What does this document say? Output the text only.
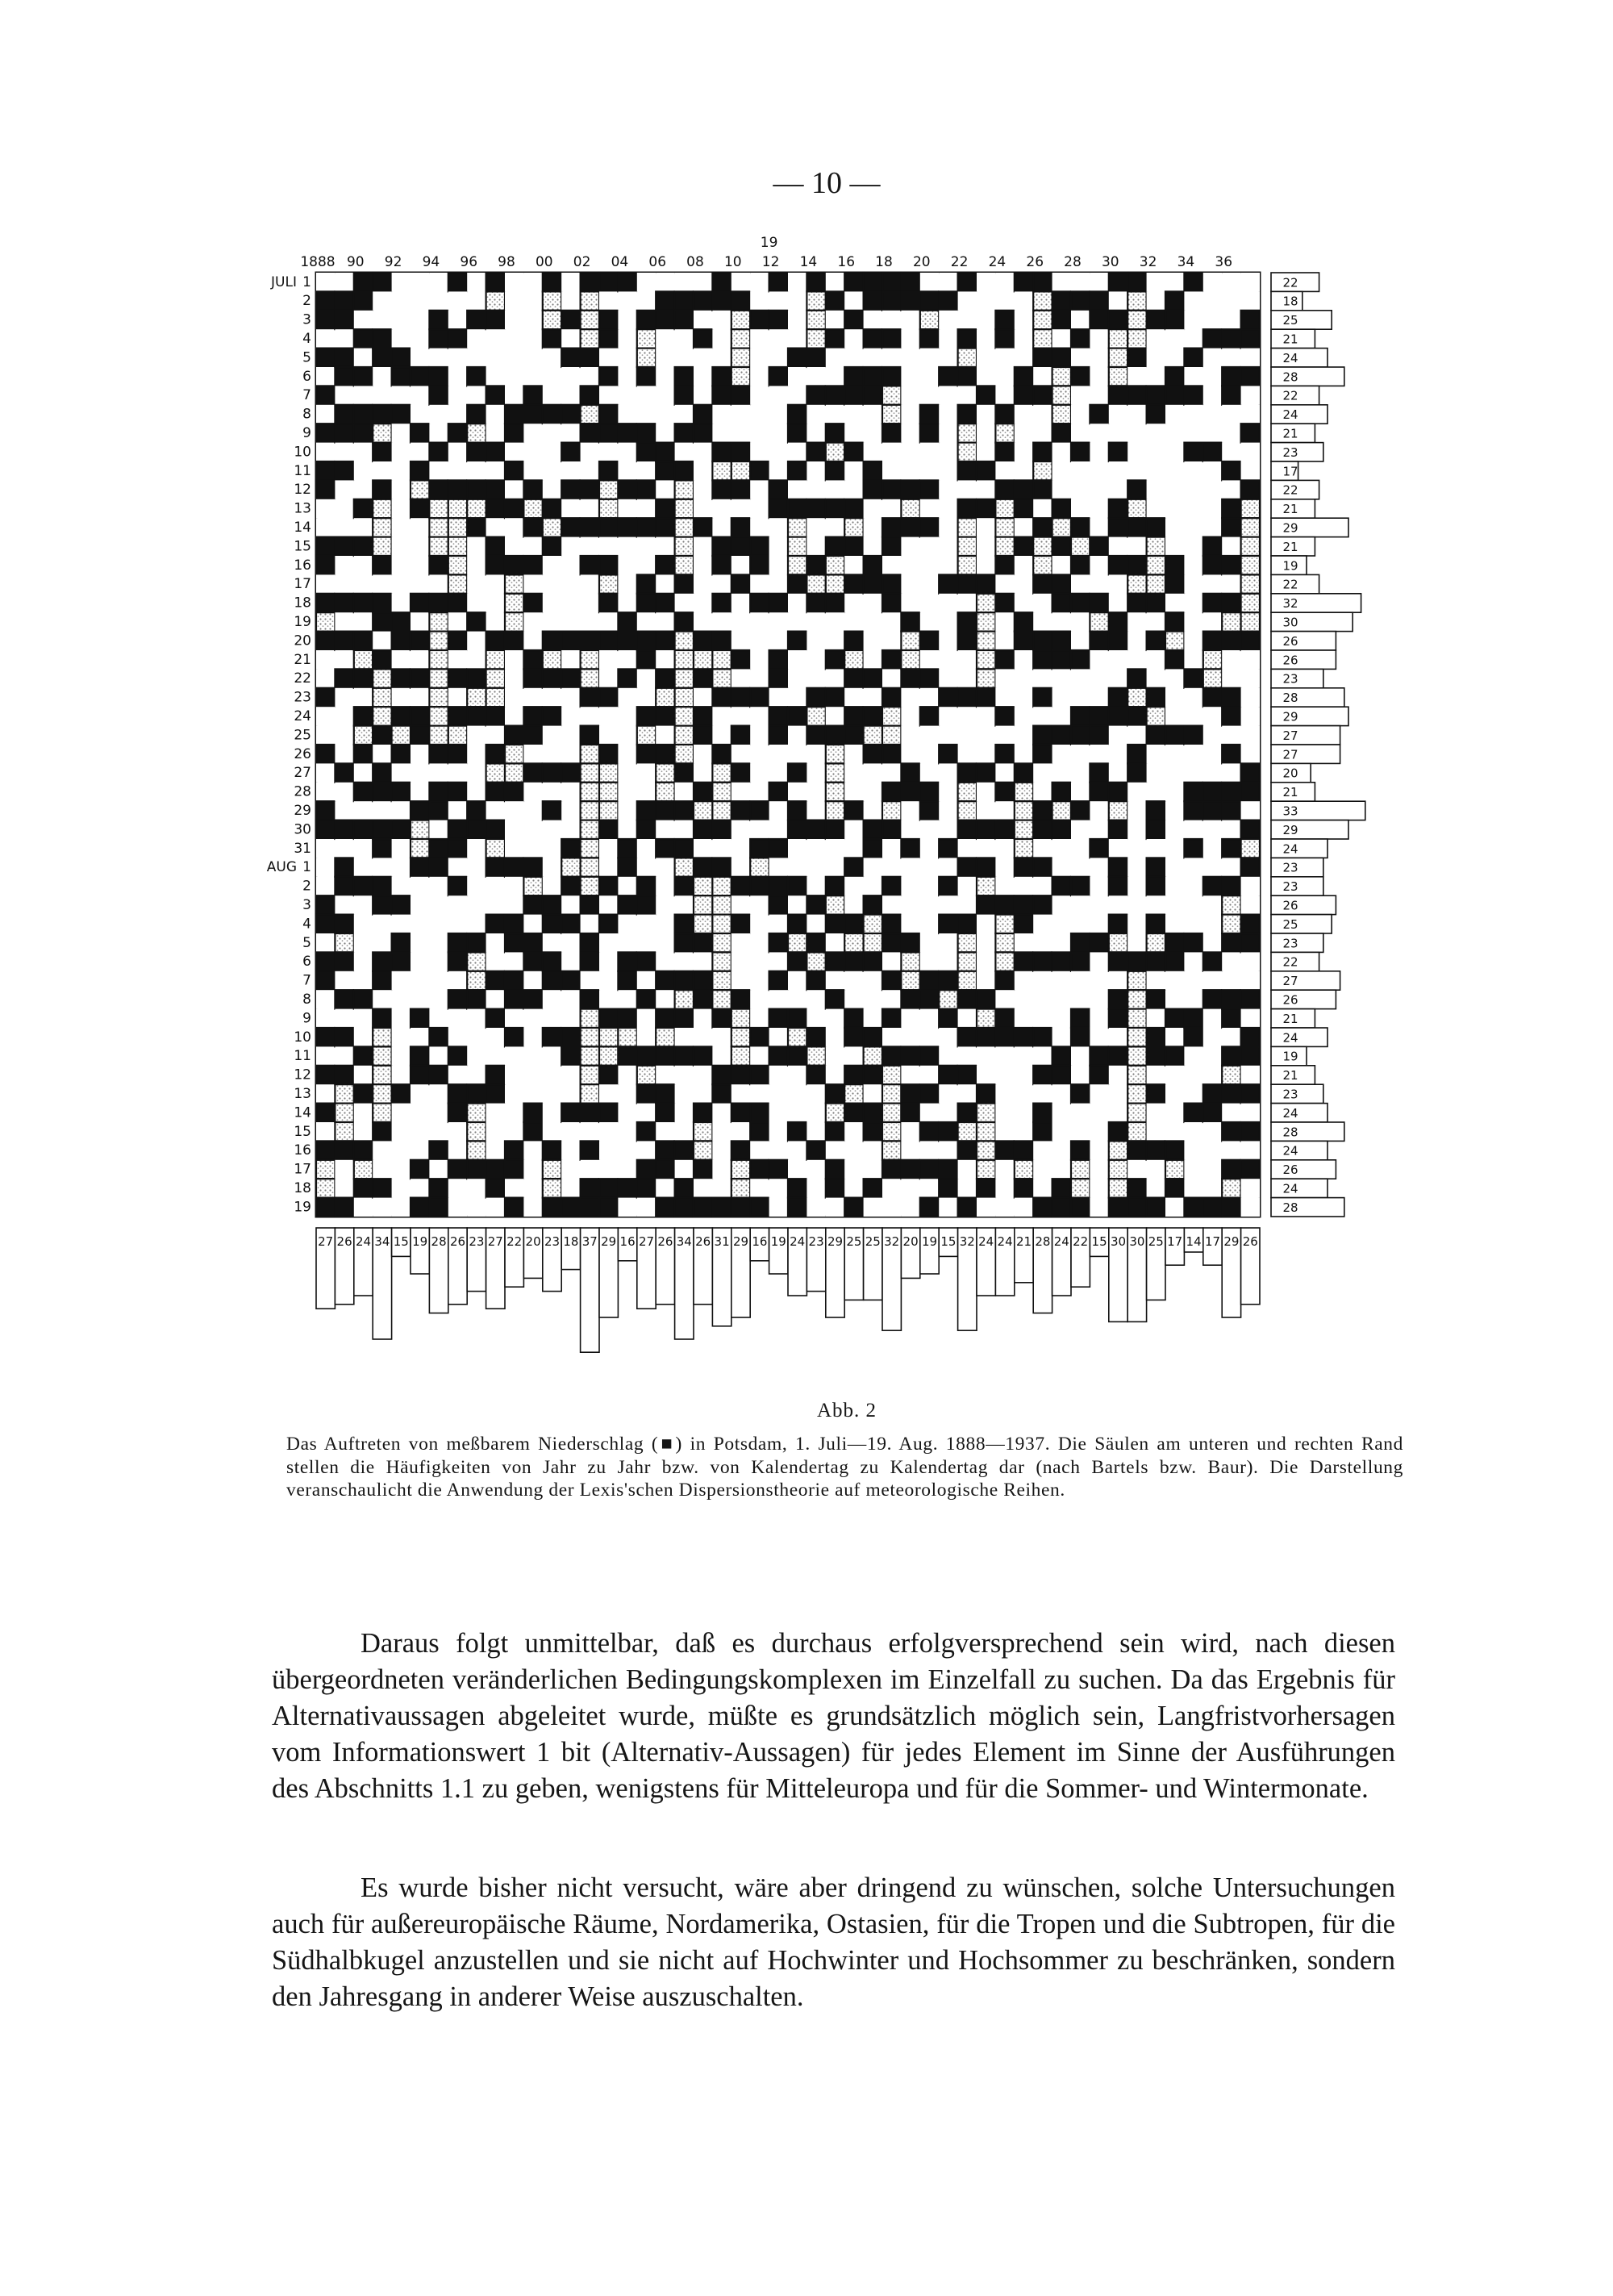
— 10 —
1888 90 92 94 96 98 00 02 04 06 08 10 12 14 16 18 20 22 24 26 28 30 32 34 36
19
1
2
3
4
5
6
7
8
9
10
11
12
13
14
15
16
17
18
19
20
21
22
23
24
25
26
27
28
29
30
31
1
2
3
4
5
6
7
8
9
10
11
12
13
14
15
16
17
18
19
JULI
AUG
22
18
25
21
24
28
22
24
21
23
17
22
21
29
21
19
22
32
30
26
26
23
28
29
27
27
20
21
33
29
24
23
23
26
25
23
22
27
26
21
24
19
21
23
24
28
24
26
24
28
27 26 24 34 15 19 28 26 23 27 22 20 23 18 37 29 16 27 26 34 26 31 29 16 19 24 23 29 25 25 32 20 19 15 32 24 24 21 28 24 22 15 30 30 25 17 14 17 29 26
Abb. 2
Das Auftreten von meßbarem Niederschlag (■) in Potsdam, 1. Juli—19. Aug. 1888—1937. Die Säulen am unteren und rechten Rand stellen die Häufigkeiten von Jahr zu Jahr bzw. von Kalendertag zu Kalendertag dar (nach Bartels bzw. Baur). Die Darstellung veranschaulicht die Anwendung der Lexis'schen Dispersionstheorie auf meteorologische Reihen.
Daraus folgt unmittelbar, daß es durchaus erfolgversprechend sein wird, nach diesen übergeordneten veränderlichen Bedingungskomplexen im Einzelfall zu suchen. Da das Ergebnis für Alternativaussagen abgeleitet wurde, müßte es grundsätzlich möglich sein, Langfristvorhersagen vom Informationswert 1 bit (Alternativ-Aussagen) für jedes Element im Sinne der Ausführungen des Abschnitts 1.1 zu geben, wenigstens für Mitteleuropa und für die Sommer- und Wintermonate.
Es wurde bisher nicht versucht, wäre aber dringend zu wünschen, solche Untersuchungen auch für außereuropäische Räume, Nordamerika, Ostasien, für die Tropen und die Subtropen, für die Südhalbkugel anzustellen und sie nicht auf Hochwinter und Hochsommer zu beschränken, sondern den Jahresgang in anderer Weise auszuschalten.
